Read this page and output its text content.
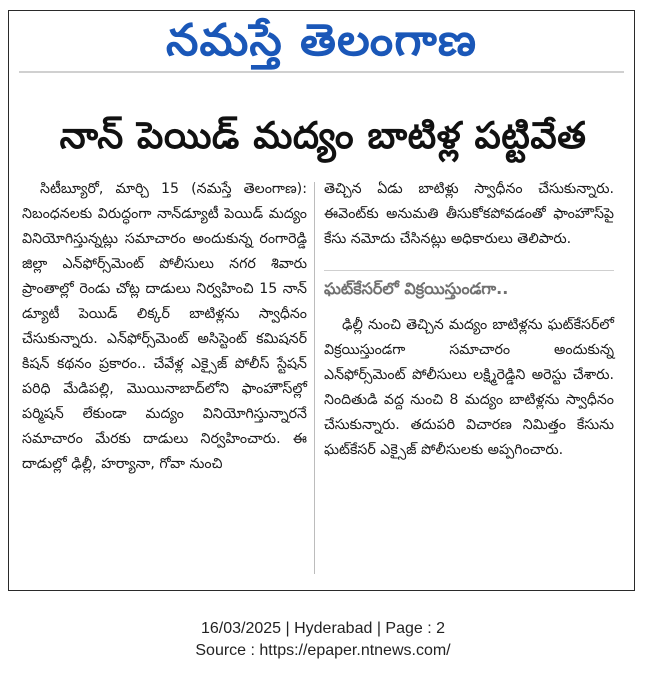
నమస్తే తెలంగాణ
నాన్ పెయిడ్ మద్యం బాటిళ్ల పట్టివేత

సిటీబ్యూరో, మార్చి 15 (నమస్తే తెలంగాణ): నిబంధనలకు విరుద్ధంగా నాన్‌డ్యూటీ పెయిడ్ మద్యం వినియోగిస్తున్నట్లు సమాచారం అందుకున్న రంగారెడ్డి జిల్లా ఎన్‌ఫోర్స్‌మెంట్ పోలీసులు నగర శివారు ప్రాంతాల్లో రెండు చోట్ల దాడులు నిర్వహించి 15 నాన్ డ్యూటీ పెయిడ్ లిక్కర్ బాటిళ్లను స్వాధీనం చేసుకున్నారు. ఎన్‌ఫోర్స్‌మెంట్ అసిస్టెంట్ కమిషనర్ కిషన్ కథనం ప్రకారం.. చేవేళ్ల ఎక్సైజ్ పోలీస్ స్టేషన్ పరిధి మేడిపల్లి, మొయినాబాద్‌లోని ఫాంహౌస్‌ల్లో పర్మిషన్ లేకుండా మద్యం వినియోగిస్తున్నారనే సమాచారం మేరకు దాడులు నిర్వహించారు. ఈ దాడుల్లో ఢిల్లీ, హర్యానా, గోవా నుంచి

తెచ్చిన ఏడు బాటిళ్లు స్వాధీనం చేసుకున్నారు. ఈవెంట్‌కు అనుమతి తీసుకోకపోవడంతో ఫాంహౌస్‌పై కేసు నమోదు చేసినట్లు అధికారులు తెలిపారు.

ఘట్‌కేసర్‌లో విక్రయిస్తుండగా..

ఢిల్లీ నుంచి తెచ్చిన మద్యం బాటిళ్లను ఘట్‌కేసర్‌లో విక్రయిస్తుండగా సమాచారం అందుకున్న ఎన్‌ఫోర్స్‌మెంట్ పోలీసులు లక్ష్మిరెడ్డిని అరెస్టు చేశారు. నిందితుడి వద్ద నుంచి 8 మద్యం బాటిళ్లను స్వాధీనం చేసుకున్నారు. తదుపరి విచారణ నిమిత్తం కేసును ఘట్‌కేసర్ ఎక్సైజ్ పోలీసులకు అప్పగించారు.

16/03/2025 | Hyderabad | Page : 2
Source : https://epaper.ntnews.com/
